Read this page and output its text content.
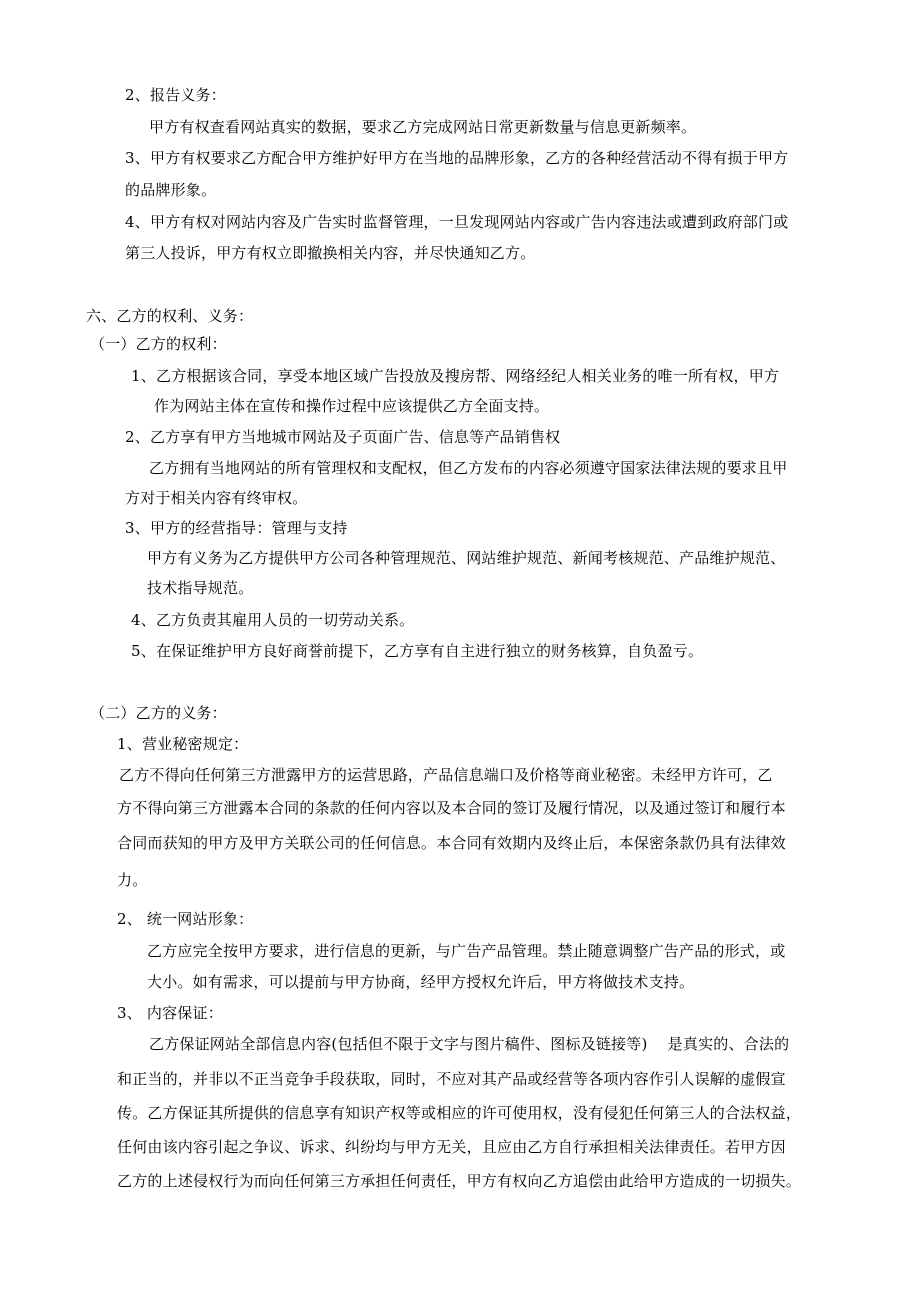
2、报告义务：

甲方有权查看网站真实的数据，要求乙方完成网站日常更新数量与信息更新频率。

3、甲方有权要求乙方配合甲方维护好甲方在当地的品牌形象，乙方的各种经营活动不得有损于甲方

的品牌形象。

4、甲方有权对网站内容及广告实时监督管理，一旦发现网站内容或广告内容违法或遭到政府部门或

第三人投诉，甲方有权立即撤换相关内容，并尽快通知乙方。

六、乙方的权利、义务：

（一）乙方的权利：

1、乙方根据该合同，享受本地区域广告投放及搜房帮、网络经纪人相关业务的唯一所有权，甲方

作为网站主体在宣传和操作过程中应该提供乙方全面支持。

2、乙方享有甲方当地城市网站及子页面广告、信息等产品销售权

乙方拥有当地网站的所有管理权和支配权，但乙方发布的内容必须遵守国家法律法规的要求且甲

方对于相关内容有终审权。

3、甲方的经营指导：管理与支持

甲方有义务为乙方提供甲方公司各种管理规范、网站维护规范、新闻考核规范、产品维护规范、

技术指导规范。

4、乙方负责其雇用人员的一切劳动关系。

5、在保证维护甲方良好商誉前提下，乙方享有自主进行独立的财务核算，自负盈亏。

（二）乙方的义务：

1、营业秘密规定：

乙方不得向任何第三方泄露甲方的运营思路，产品信息端口及价格等商业秘密。未经甲方许可，乙

方不得向第三方泄露本合同的条款的任何内容以及本合同的签订及履行情况，以及通过签订和履行本

合同而获知的甲方及甲方关联公司的任何信息。本合同有效期内及终止后，本保密条款仍具有法律效

力。

2、 统一网站形象：

乙方应完全按甲方要求，进行信息的更新，与广告产品管理。禁止随意调整广告产品的形式，或

大小。如有需求，可以提前与甲方协商，经甲方授权允许后，甲方将做技术支持。

3、 内容保证：

乙方保证网站全部信息内容(包括但不限于文字与图片稿件、图标及链接等)　 是真实的、合法的

和正当的，并非以不正当竞争手段获取，同时，不应对其产品或经营等各项内容作引人误解的虚假宣

传。乙方保证其所提供的信息享有知识产权等或相应的许可使用权，没有侵犯任何第三人的合法权益，

任何由该内容引起之争议、诉求、纠纷均与甲方无关，且应由乙方自行承担相关法律责任。若甲方因

乙方的上述侵权行为而向任何第三方承担任何责任，甲方有权向乙方追偿由此给甲方造成的一切损失。
